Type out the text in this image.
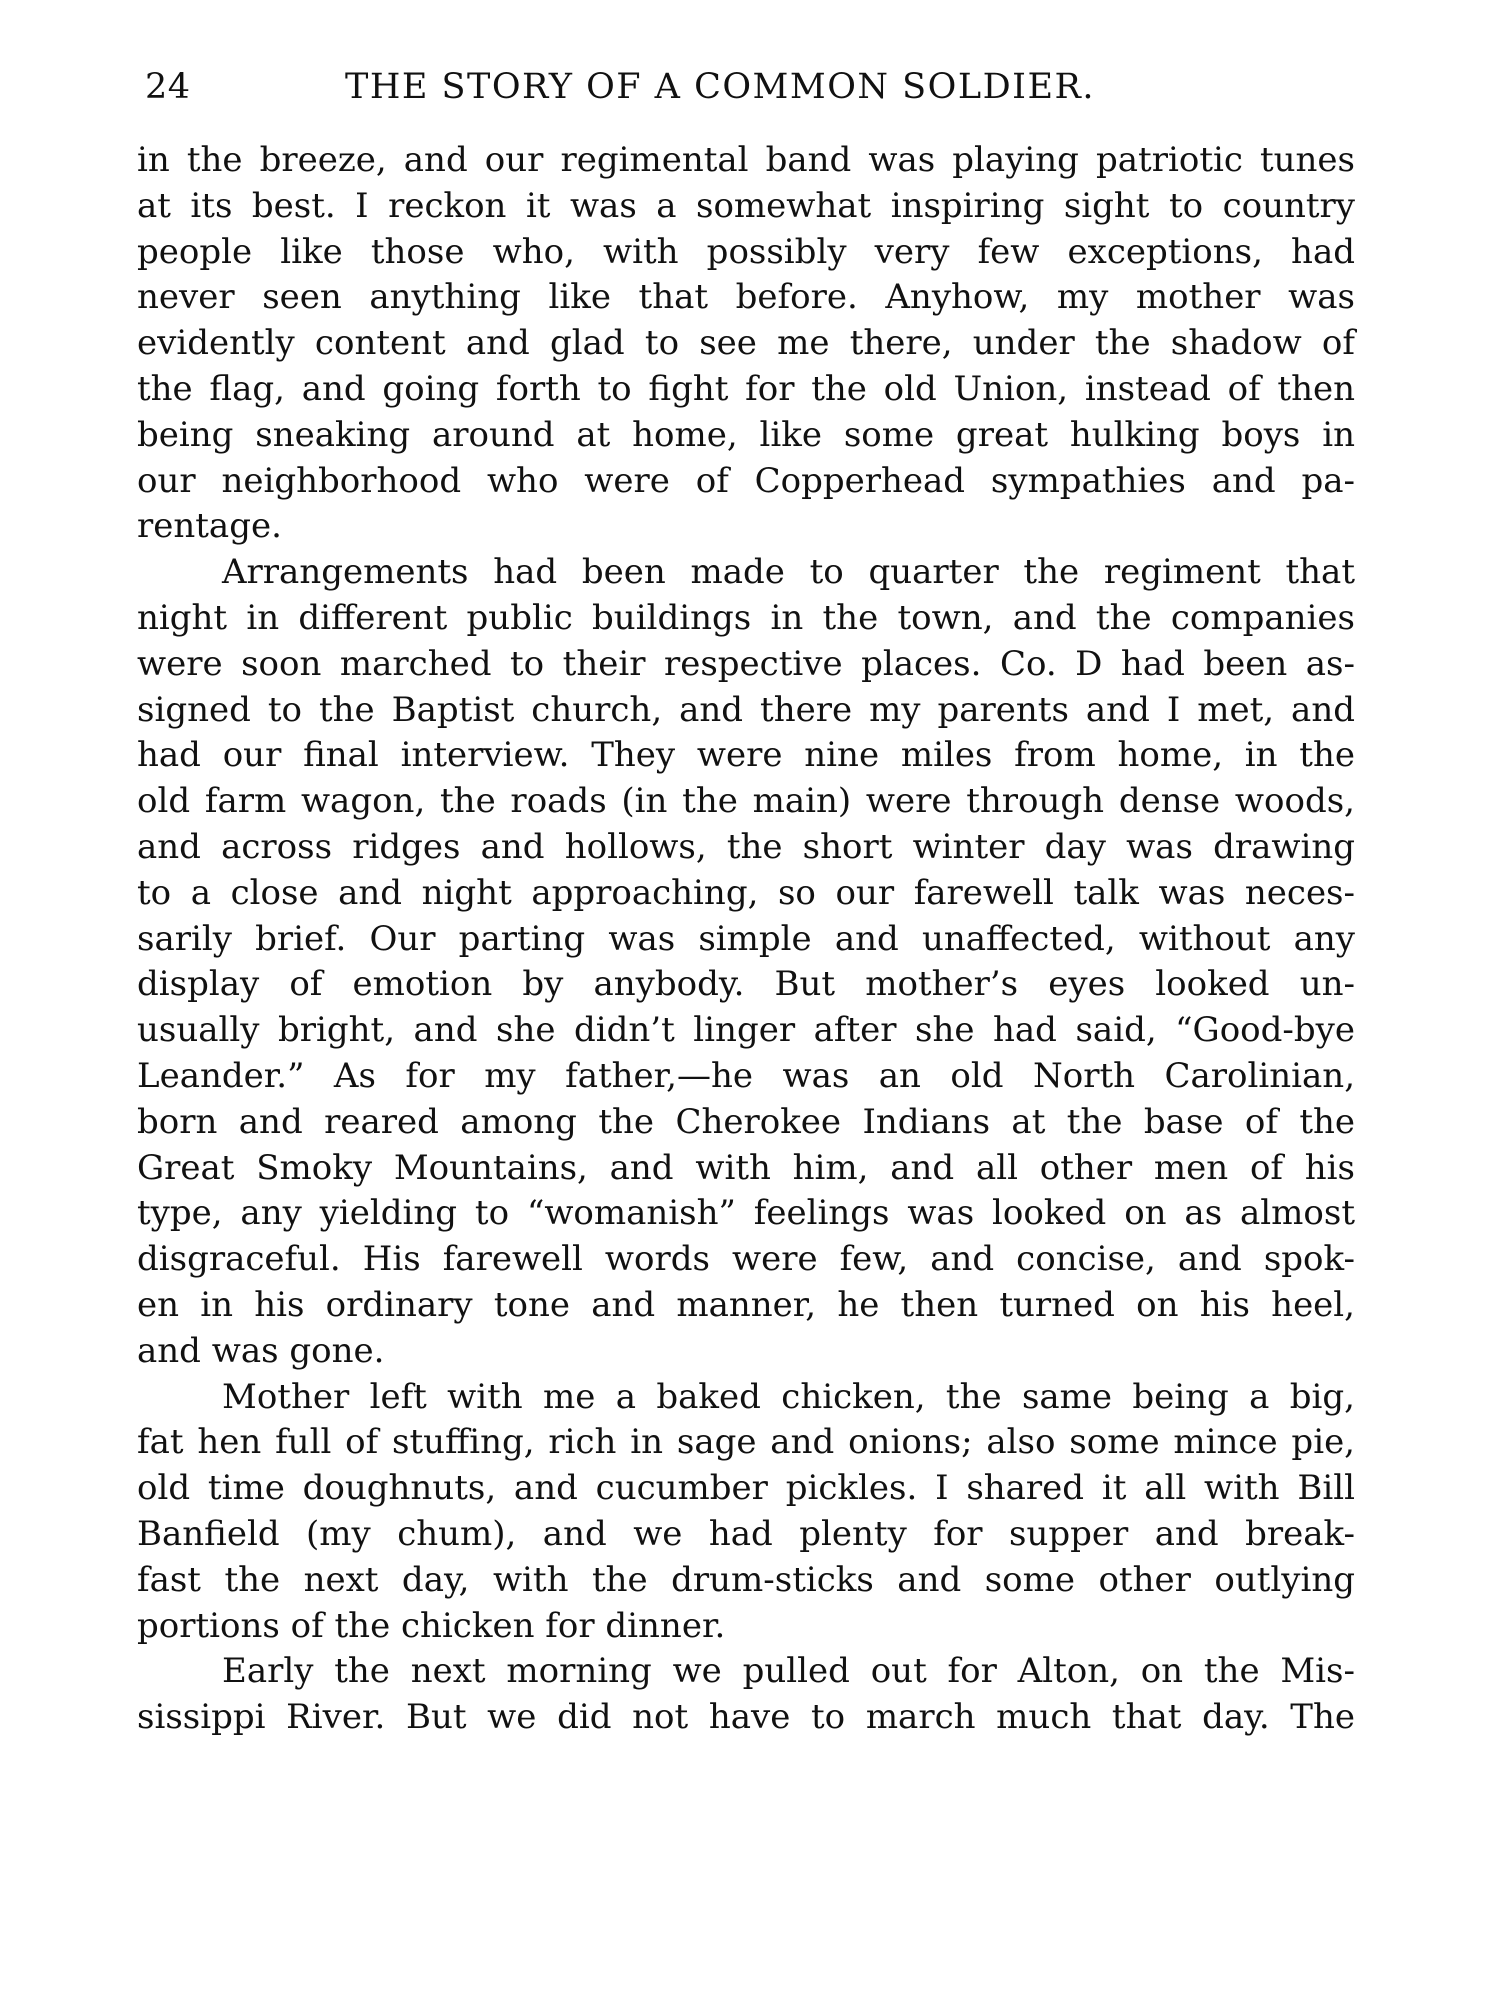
24	THE STORY OF A COMMON SOLDIER.
in the breeze, and our regimental band was playing patriotic tunes
at its best. I reckon it was a somewhat inspiring sight to country
people like those who, with possibly very few exceptions, had
never seen anything like that before. Anyhow, my mother was
evidently content and glad to see me there, under the shadow of
the flag, and going forth to fight for the old Union, instead of then
being sneaking around at home, like some great hulking boys in
our neighborhood who were of Copperhead sympathies and pa-
rentage.
Arrangements had been made to quarter the regiment that
night in different public buildings in the town, and the companies
were soon marched to their respective places. Co. D had been as-
signed to the Baptist church, and there my parents and I met, and
had our final interview. They were nine miles from home, in the
old farm wagon, the roads (in the main) were through dense woods,
and across ridges and hollows, the short winter day was drawing
to a close and night approaching, so our farewell talk was neces-
sarily brief. Our parting was simple and unaffected, without any
display of emotion by anybody. But mother’s eyes looked un-
usually bright, and she didn’t linger after she had said, “Good-bye
Leander.” As for my father,—he was an old North Carolinian,
born and reared among the Cherokee Indians at the base of the
Great Smoky Mountains, and with him, and all other men of his
type, any yielding to “womanish” feelings was looked on as almost
disgraceful. His farewell words were few, and concise, and spok-
en in his ordinary tone and manner, he then turned on his heel,
and was gone.
Mother left with me a baked chicken, the same being a big,
fat hen full of stuffing, rich in sage and onions; also some mince pie,
old time doughnuts, and cucumber pickles. I shared it all with Bill
Banfield (my chum), and we had plenty for supper and break-
fast the next day, with the drum-sticks and some other outlying
portions of the chicken for dinner.
Early the next morning we pulled out for Alton, on the Mis-
sissippi River. But we did not have to march much that day. The
